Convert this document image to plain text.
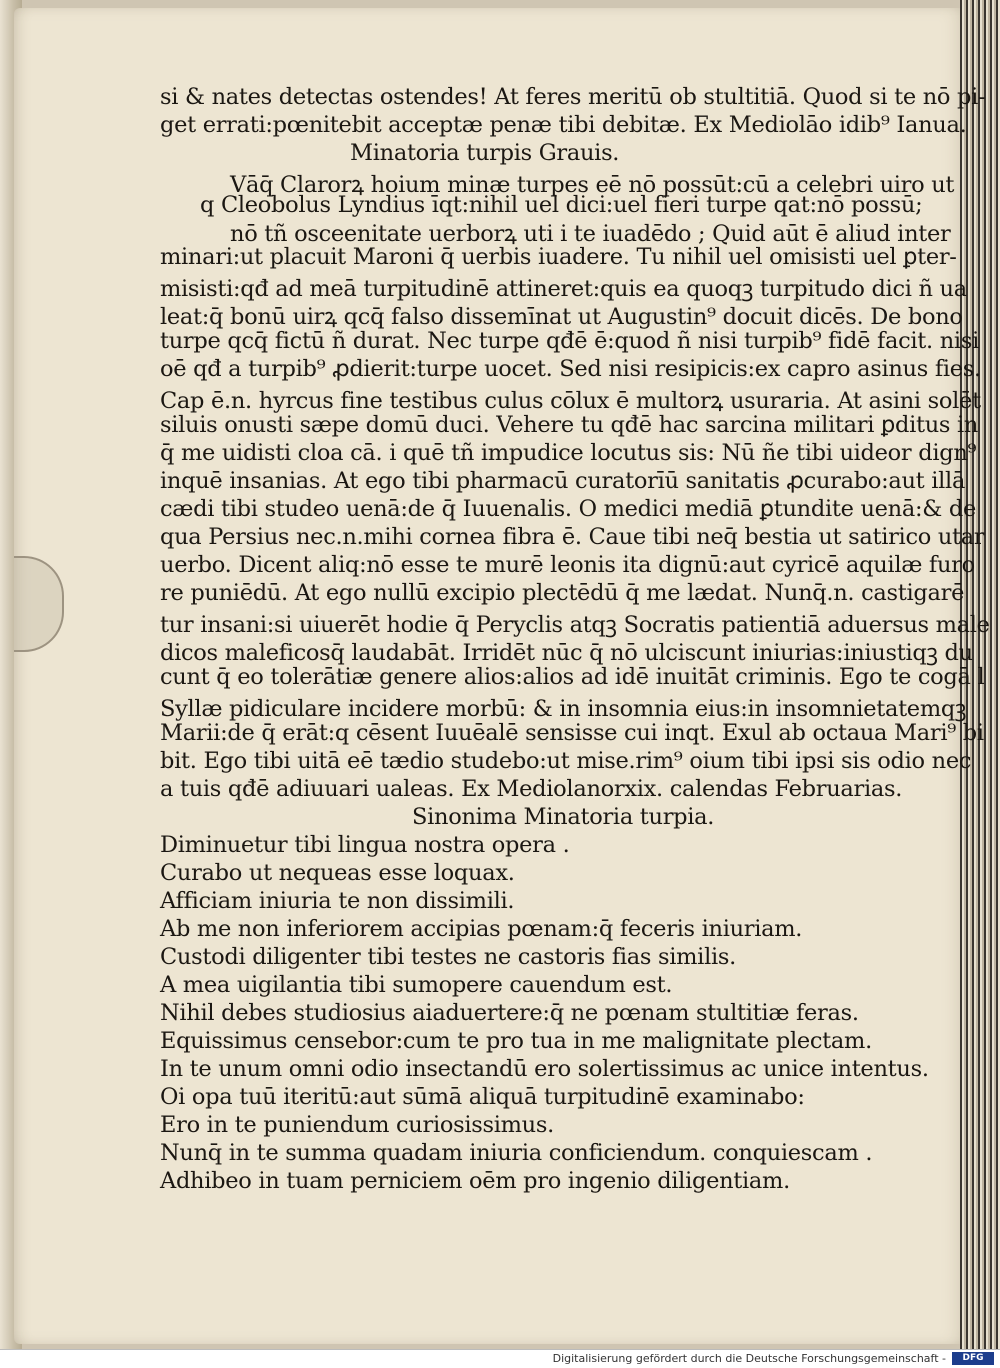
si & nates detectas ostendes! At feres meritū ob stultitiā. Quod si te nō pi-
get errati:pœnitebit acceptæ penæ tibi debitæ. Ex Mediolāo idib⁹ Ianua.
Minatoria turpis Grauis.
Vāq̄ Clarorꝝ hoium minæ turpes eē nō possūt:cū a celebri uiro ut
q Cleobolus Lyndius īqt:nihil uel dici:uel fieri turpe qat:nō possū;
nō tñ osceenitate uerborꝝ uti i te iuadēdo ; Quid aūt ē aliud inter
minari:ut placuit Maroni q̄ uerbis iuadere. Tu nihil uel omisisti uel ꝑter-
misisti:qđ ad meā turpitudinē attineret:quis ea quoqꝫ turpitudo dici ñ ua
leat:q̄ bonū uirꝝ qcq̄ falso dissemīnat ut Augustin⁹ docuit dicēs. De bono
turpe qcq̄ fictū ñ durat. Nec turpe qđē ē:quod ñ nisi turpib⁹ fidē facit. nisi
oē qđ a turpib⁹ ꝓdierit:turpe uocet. Sed nisi resipicis:ex capro asinus fies.
Cap ē.n. hyrcus fine testibus culus cōlux ē multorꝝ usuraria. At asini solēt
siluis onusti sæpe domū duci. Vehere tu qđē hac sarcina militari ꝑditus in
q̄ me uidisti cloa cā. i quē tñ impudice locutus sis: Nū ñe tibi uideor dign⁹
inquē insanias. At ego tibi pharmacū curatorīū sanitatis ꝓcurabo:aut illā
cædi tibi studeo uenā:de q̄ Iuuenalis. O medici mediā ꝑtundite uenā:& de
qua Persius nec.n.mihi cornea fibra ē. Caue tibi neq̄ bestia ut satirico utar
uerbo. Dicent aliq:nō esse te murē leonis ita dignū:aut cyricē aquilæ furo
re puniēdū. At ego nullū excipio plectēdū q̄ me lædat. Nunq̄.n. castigarē
tur insani:si uiuerēt hodie q̄ Peryclis atqꝫ Socratis patientiā aduersus male
dicos maleficosq̄ laudabāt. Irridēt nūc q̄ nō ulciscunt iniurias:iniustiqꝫ du
cunt q̄ eo tolerātiæ genere alios:alios ad idē inuitāt criminis. Ego te cogā l
Syllæ pidiculare incidere morbū: & in insomnia eius:in insomnietatemqꝫ
Marii:de q̄ erāt:q cēsent Iuuēalē sensisse cui inqt. Exul ab octaua Mari⁹ bi
bit. Ego tibi uitā eē tædio studebo:ut mise.rim⁹ oium tibi ipsi sis odio nec
a tuis qđē adiuuari ualeas. Ex Mediolanorxix. calendas Februarias.
Sinonima Minatoria turpia.
Diminuetur tibi lingua nostra opera .
Curabo ut nequeas esse loquax.
Afficiam iniuria te non dissimili.
Ab me non inferiorem accipias pœnam:q̄ feceris iniuriam.
Custodi diligenter tibi testes ne castoris fias similis.
A mea uigilantia tibi sumopere cauendum est.
Nihil debes studiosius aiaduertere:q̄ ne pœnam stultitiæ feras.
Equissimus censebor:cum te pro tua in me malignitate plectam.
In te unum omni odio insectandū ero solertissimus ac unice intentus.
Oi opa tuū iteritū:aut sūmā aliquā turpitudinē examinabo:
Ero in te puniendum curiosissimus.
Nunq̄ in te summa quadam iniuria conficiendum. conquiescam .
Adhibeo in tuam perniciem oēm pro ingenio diligentiam.
Digitalisierung gefördert durch die Deutsche Forschungsgemeinschaft -	DFG
